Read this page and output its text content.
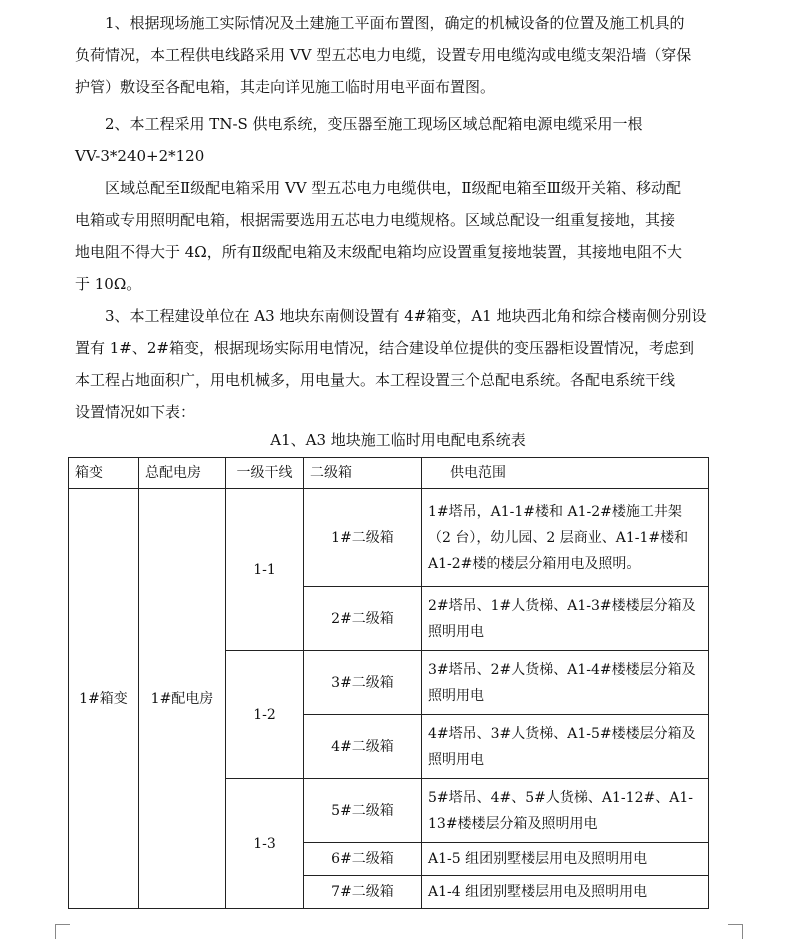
　　1、根据现场施工实际情况及土建施工平面布置图，确定的机械设备的位置及施工机具的
负荷情况，本工程供电线路采用 VV 型五芯电力电缆，设置专用电缆沟或电缆支架沿墙（穿保
护管）敷设至各配电箱，其走向详见施工临时用电平面布置图。

　　2、本工程采用 TN-S 供电系统，变压器至施工现场区域总配箱电源电缆采用一根
VV-3*240+2*120

　　区域总配至Ⅱ级配电箱采用 VV 型五芯电力电缆供电，Ⅱ级配电箱至Ⅲ级开关箱、移动配
电箱或专用照明配电箱，根据需要选用五芯电力电缆规格。区域总配设一组重复接地，其接
地电阻不得大于 4Ω，所有Ⅱ级配电箱及末级配电箱均应设置重复接地装置，其接地电阻不大
于 10Ω。

　　3、本工程建设单位在 A3 地块东南侧设置有 4#箱变，A1 地块西北角和综合楼南侧分别设
置有 1#、2#箱变，根据现场实际用电情况，结合建设单位提供的变压器柜设置情况，考虑到
本工程占地面积广，用电机械多，用电量大。本工程设置三个总配电系统。各配电系统干线
设置情况如下表：

A1、A3 地块施工临时用电配电系统表
箱变	总配电房	一级干线	二级箱	供电范围
1#箱变	1#配电房	1-1	1#二级箱	1#塔吊，A1-1#楼和 A1-2#楼施工井架（2 台），幼儿园、2 层商业、A1-1#楼和 A1-2#楼的楼层分箱用电及照明。
			2#二级箱	2#塔吊、1#人货梯、A1-3#楼楼层分箱及照明用电
		1-2	3#二级箱	3#塔吊、2#人货梯、A1-4#楼楼层分箱及照明用电
			4#二级箱	4#塔吊、3#人货梯、A1-5#楼楼层分箱及照明用电
		1-3	5#二级箱	5#塔吊、4#、5#人货梯、A1-12#、A1-13#楼楼层分箱及照明用电
			6#二级箱	A1-5 组团别墅楼层用电及照明用电
			7#二级箱	A1-4 组团别墅楼层用电及照明用电
